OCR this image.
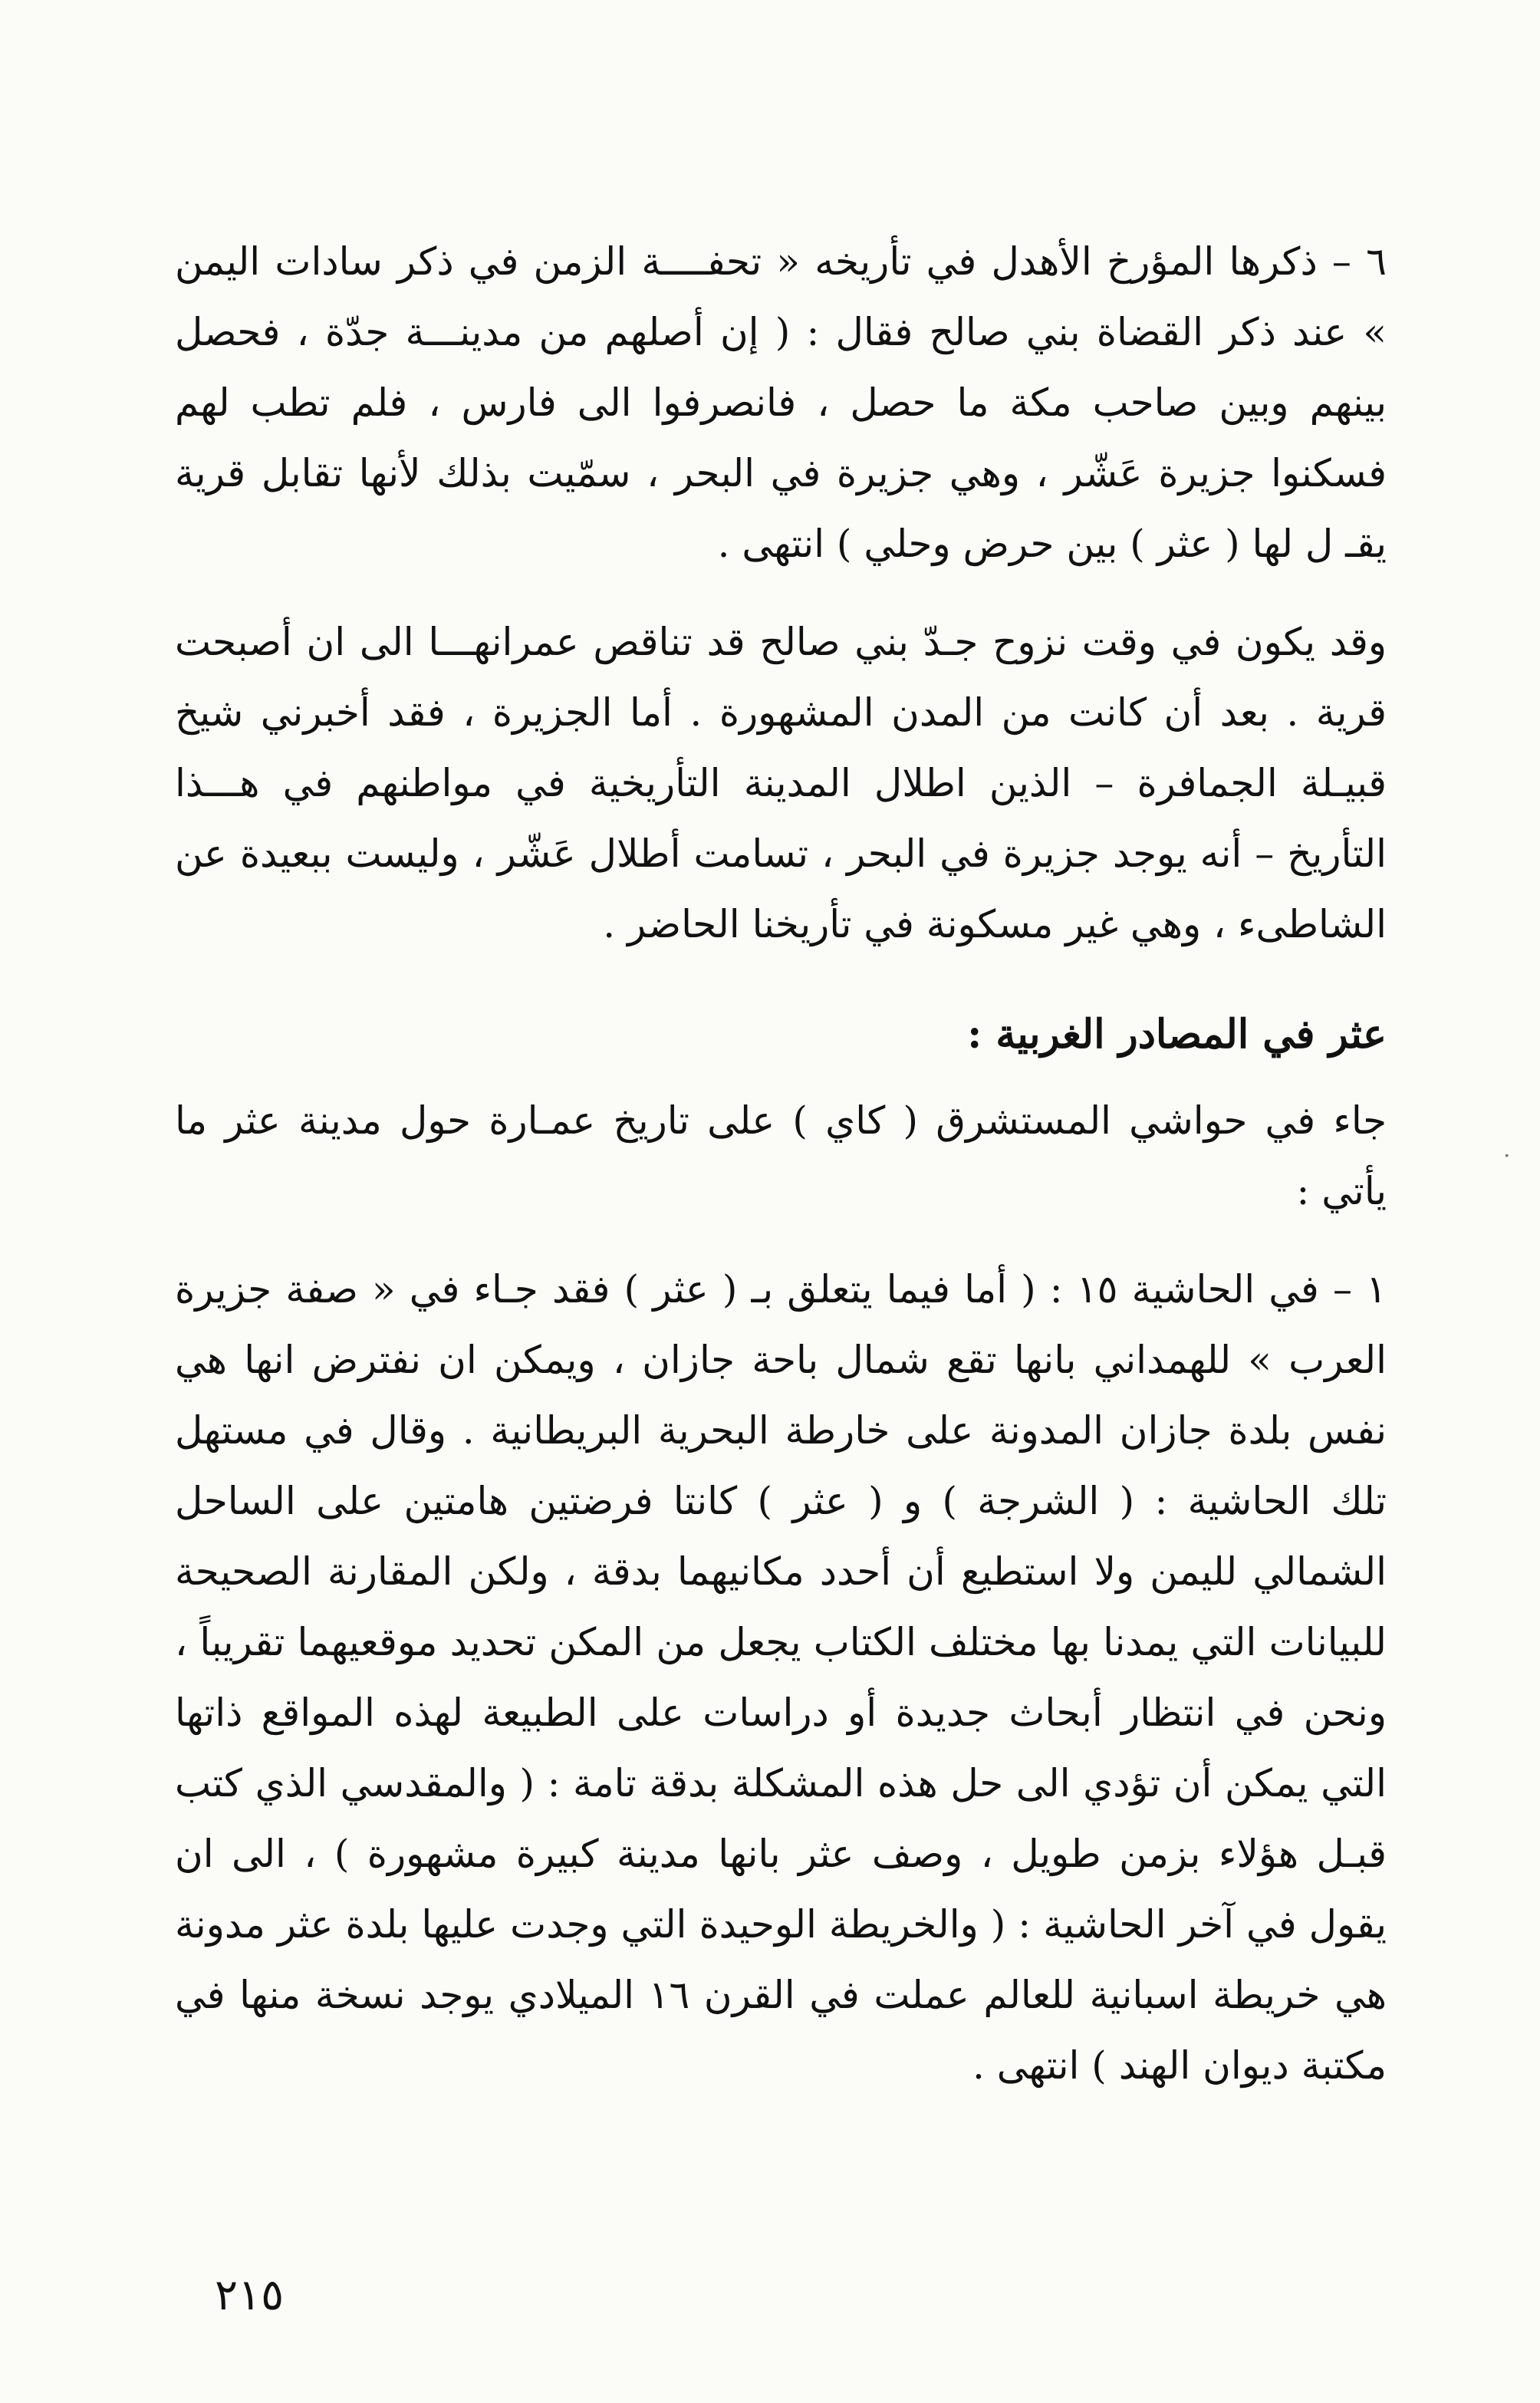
٦ – ذكرها المؤرخ الأهدل في تأريخه « تحفــــة الزمن في ذكر سادات اليمن » عند ذكر القضاة بني صالح فقال : ( إن أصلهم من مدينـــة جدّة ، فحصل بينهم وبين صاحب مكة ما حصل ، فانصرفوا الى فارس ، فلم تطب لهم فسكنوا جزيرة عَشّر ، وهي جزيرة في البحر ، سمّيت بذلك لأنها تقابل قرية يقـ ل لها ( عثر ) بين حرض وحلي ) انتهى .

وقد يكون في وقت نزوح جـدّ بني صالح قد تناقص عمرانهـــا الى ان أصبحت قرية . بعد أن كانت من المدن المشهورة . أما الجزيرة ، فقد أخبرني شيخ قبيـلة الجمافرة – الذين اطلال المدينة التأريخية في مواطنهم في هـــذا التأريخ – أنه يوجد جزيرة في البحر ، تسامت أطلال عَشّر ، وليست ببعيدة عن الشاطىء ، وهي غير مسكونة في تأريخنا الحاضر .

عثر في المصادر الغربية :

جاء في حواشي المستشرق ( كاي ) على تاريخ عمـارة حول مدينة عثر ما يأتي :

١ – في الحاشية ١٥ : ( أما فيما يتعلق بـ ( عثر ) فقد جـاء في « صفة جزيرة العرب » للهمداني بانها تقع شمال باحة جازان ، ويمكن ان نفترض انها هي نفس بلدة جازان المدونة على خارطة البحرية البريطانية . وقال في مستهل تلك الحاشية : ( الشرجة ) و ( عثر ) كانتا فرضتين هامتين على الساحل الشمالي لليمن ولا استطيع أن أحدد مكانيهما بدقة ، ولكن المقارنة الصحيحة للبيانات التي يمدنا بها مختلف الكتاب يجعل من المكن تحديد موقعيهما تقريباً ، ونحن في انتظار أبحاث جديدة أو دراسات على الطبيعة لهذه المواقع ذاتها التي يمكن أن تؤدي الى حل هذه المشكلة بدقة تامة : ( والمقدسي الذي كتب قبـل هؤلاء بزمن طويل ، وصف عثر بانها مدينة كبيرة مشهورة ) ، الى ان يقول في آخر الحاشية : ( والخريطة الوحيدة التي وجدت عليها بلدة عثر مدونة هي خريطة اسبانية للعالم عملت في القرن ١٦ الميلادي يوجد نسخة منها في مكتبة ديوان الهند ) انتهى .

·
٢١٥
